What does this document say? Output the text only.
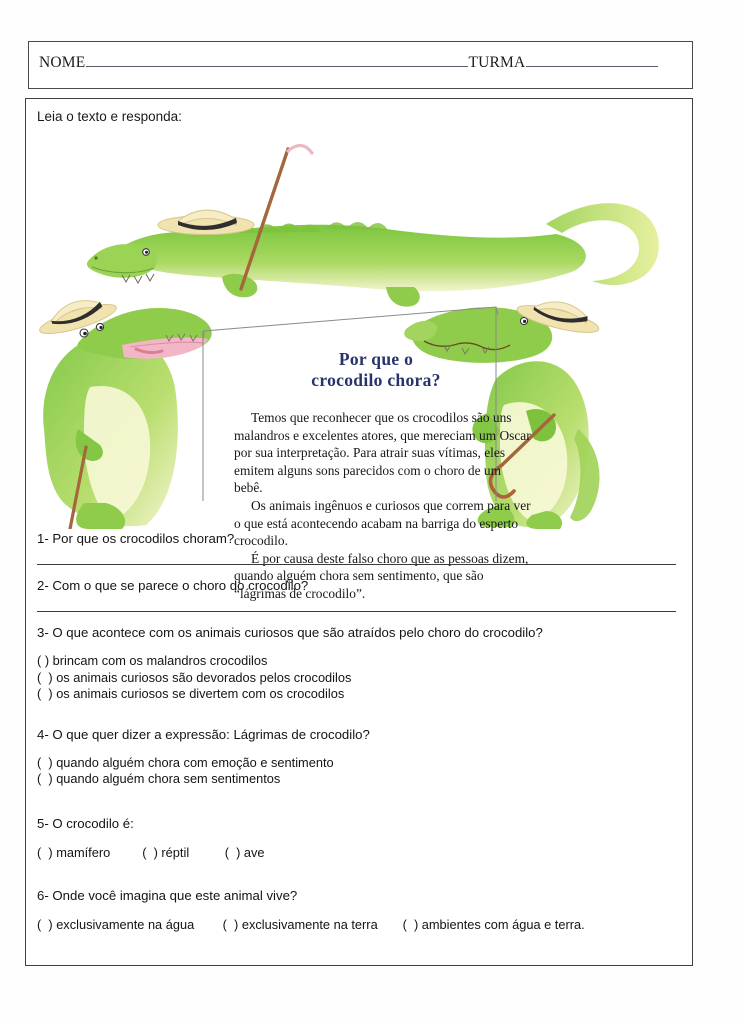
NOME	TURMA
Leia o texto e responda:
Por que o
crocodilo chora?

Temos que reconhecer que os crocodilos são uns malandros e excelentes atores, que mereciam um Oscar por sua interpretação. Para atrair suas vítimas, eles emitem alguns sons parecidos com o choro de um bebê.

Os animais ingênuos e curiosos que correm para ver o que está acontecendo acabam na barriga do esperto crocodilo.

É por causa deste falso choro que as pessoas dizem, quando alguém chora sem sentimento, que são “lágrimas de crocodilo”.

1- Por que os crocodilos choram?
2- Com o que se parece o choro do crocodilo?
3- O que acontece com os animais curiosos que são atraídos pelo choro do crocodilo?
( ) brincam com os malandros crocodilos
(  ) os animais curiosos são devorados pelos crocodilos
(  ) os animais curiosos se divertem com os crocodilos
4- O que quer dizer a expressão: Lágrimas de crocodilo?
(  ) quando alguém chora com emoção e sentimento
(  ) quando alguém chora sem sentimentos
5- O crocodilo é:
(  ) mamífero         (  ) réptil          (  ) ave
6- Onde você imagina que este animal vive?
(  ) exclusivamente na água        (  ) exclusivamente na terra       (  ) ambientes com água e terra.
